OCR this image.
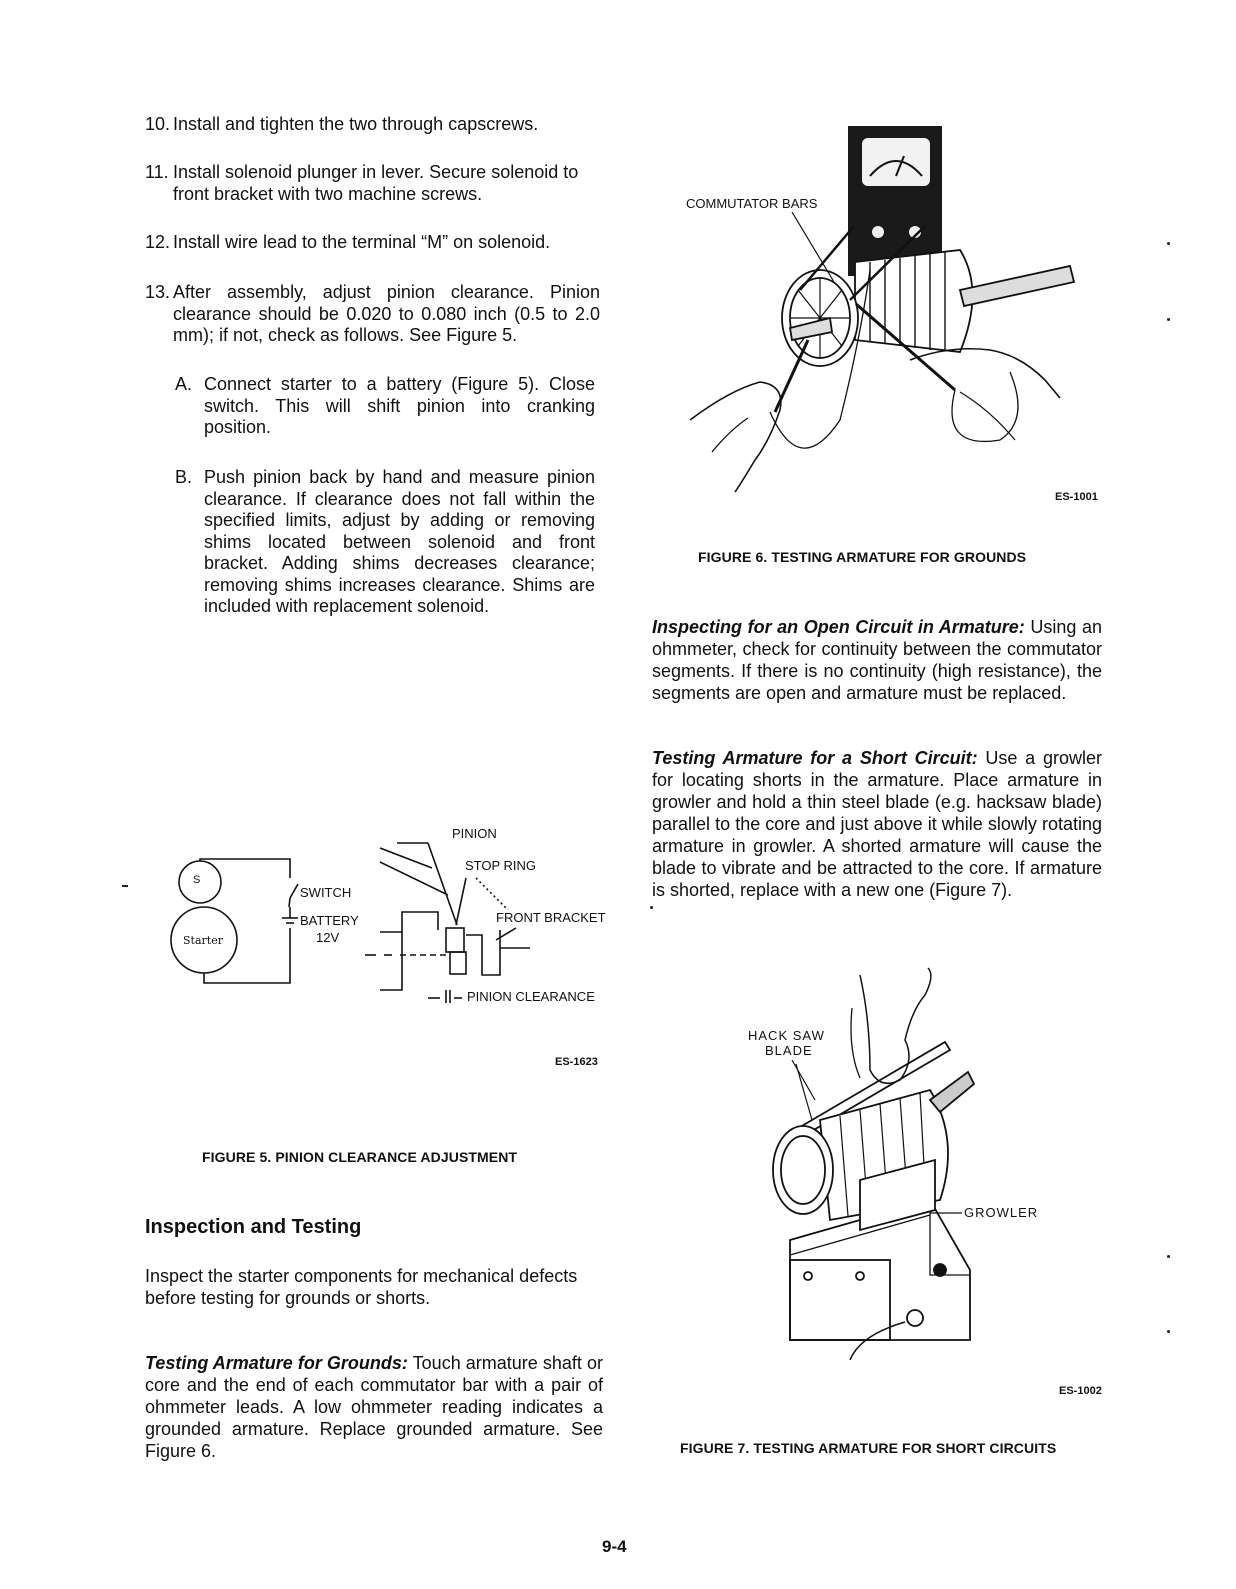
10. Install and tighten the two through capscrews.
11. Install solenoid plunger in lever. Secure solenoid to front bracket with two machine screws.
12. Install wire lead to the terminal “M” on solenoid.
13. After assembly, adjust pinion clearance. Pinion clearance should be 0.020 to 0.080 inch (0.5 to 2.0 mm); if not, check as follows. See Figure 5.
A. Connect starter to a battery (Figure 5). Close switch. This will shift pinion into cranking position.
B. Push pinion back by hand and measure pinion clearance. If clearance does not fall within the specified limits, adjust by adding or removing shims located between solenoid and front bracket. Adding shims decreases clearance; removing shims increases clearance. Shims are included with replacement solenoid.
S
Starter
PINION
STOP RING
SWITCH
BATTERY
12V
FRONT BRACKET
PINION CLEARANCE
ES-1623
FIGURE 5. PINION CLEARANCE ADJUSTMENT
Inspection and Testing
Inspect the starter components for mechanical defects before testing for grounds or shorts.
Testing Armature for Grounds: Touch armature shaft or core and the end of each commutator bar with a pair of ohmmeter leads. A low ohmmeter reading indicates a grounded armature. Replace grounded armature. See Figure 6.
COMMUTATOR BARS
ES-1001
FIGURE 6. TESTING ARMATURE FOR GROUNDS
Inspecting for an Open Circuit in Armature: Using an ohmmeter, check for continuity between the commutator segments. If there is no continuity (high resistance), the segments are open and armature must be replaced.
Testing Armature for a Short Circuit: Use a growler for locating shorts in the armature. Place armature in growler and hold a thin steel blade (e.g. hacksaw blade) parallel to the core and just above it while slowly rotating armature in growler. A shorted armature will cause the blade to vibrate and be attracted to the core. If armature is shorted, replace with a new one (Figure 7).
HACK SAW
BLADE
GROWLER
ES-1002
FIGURE 7. TESTING ARMATURE FOR SHORT CIRCUITS
9-4
